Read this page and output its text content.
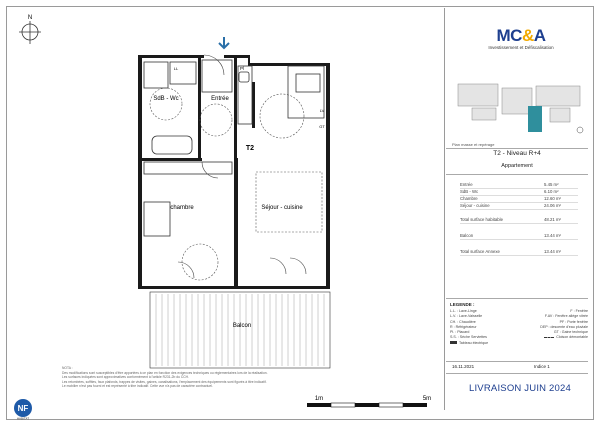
N
SdB - Wc	Entrée
T2
chambre	Séjour - cuisine
Balcon
Pl
LL
LV
GT
MC&A
Investissement et Défiscalisation
Plan masse et repérage
T2 - Niveau R+4
Appartement
Entrée	5.45 m²
SdB - Wc	6.10 m²
Chambre	12.60 m²
Séjour - cuisine	24.06 m²
Total surface habitable	48.21 m²
Balcon	13.44 m²
Total surface Annexe	13.44 m²
LEGENDE :
L.L. : Lave-Linge
L.V. : Lave-Vaisselle
CH. : Chaudière
R : Réfrigérateur
Pl. : Placard
S.S. : Sèche Serviettes
Tableau électrique
F : Fenêtre
F.AV : Fenêtre allège vitrée
PF : Porte fenêtre
DEP : descente d'eau pluviale
GT : Gaine technique
Cloison démontable
16.11.2021	Indice 1
LIVRAISON JUIN 2024
NOTA :
Des modifications sont susceptibles d'être apportées à ce plan en fonction des exigences techniques ou réglementaires lors de la réalisation.
Les surfaces indiquées sont approximatives conformément à l'article R231-2b du CCH.
Les retombées, soffites, faux plafonds, trappes de visites, gaines, canalisations, l'emplacement des équipements sont figurés à titre indicatif.
Le mobilier n'est pas fourni et est représenté à titre indicatif. Cette vue n'a pas de caractère contractuel.
NF
HABITAT
1m	5m
